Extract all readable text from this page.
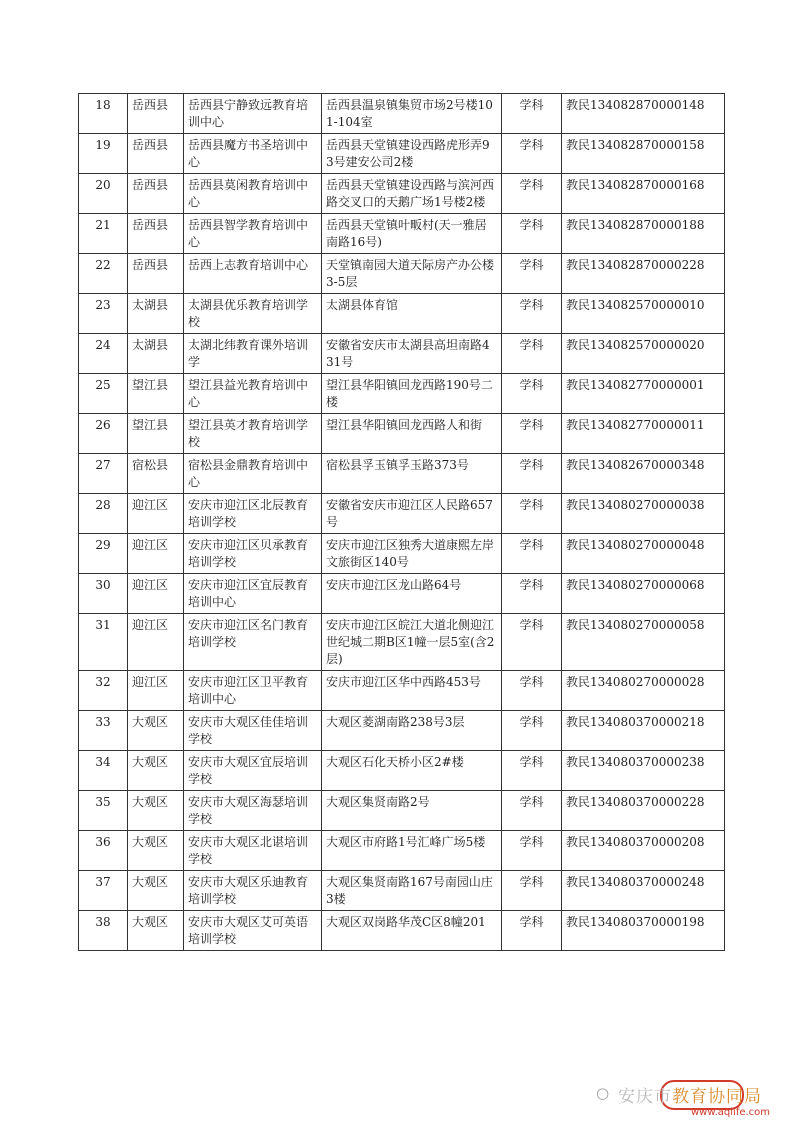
18	岳西县	岳西县宁静致远教育培训中心	岳西县温泉镇集贸市场2号楼101-104室	学科	教民134082870000148
19	岳西县	岳西县魔方书圣培训中心	岳西县天堂镇建设西路虎形弄93号建安公司2楼	学科	教民134082870000158
20	岳西县	岳西县莫闲教育培训中心	岳西县天堂镇建设西路与滨河西路交叉口的天鹅广场1号楼2楼	学科	教民134082870000168
21	岳西县	岳西县智学教育培训中心	岳西县天堂镇叶畈村(天一雅居南路16号)	学科	教民134082870000188
22	岳西县	岳西上志教育培训中心	天堂镇南园大道天际房产办公楼3-5层	学科	教民134082870000228
23	太湖县	太湖县优乐教育培训学校	太湖县体育馆	学科	教民134082570000010
24	太湖县	太湖北纬教育课外培训学	安徽省安庆市太湖县高坦南路431号	学科	教民134082570000020
25	望江县	望江县益光教育培训中心	望江县华阳镇回龙西路190号二楼	学科	教民134082770000001
26	望江县	望江县英才教育培训学校	望江县华阳镇回龙西路人和街	学科	教民134082770000011
27	宿松县	宿松县金鼎教育培训中心	宿松县孚玉镇孚玉路373号	学科	教民134082670000348
28	迎江区	安庆市迎江区北辰教育培训学校	安徽省安庆市迎江区人民路657号	学科	教民134080270000038
29	迎江区	安庆市迎江区贝承教育培训学校	安庆市迎江区独秀大道康熙左岸文旅街区140号	学科	教民134080270000048
30	迎江区	安庆市迎江区宜辰教育培训中心	安庆市迎江区龙山路64号	学科	教民134080270000068
31	迎江区	安庆市迎江区名门教育培训学校	安庆市迎江区皖江大道北侧迎江世纪城二期B区1幢一层5室(含2层)	学科	教民134080270000058
32	迎江区	安庆市迎江区卫平教育培训中心	安庆市迎江区华中西路453号	学科	教民134080270000028
33	大观区	安庆市大观区佳佳培训学校	大观区菱湖南路238号3层	学科	教民134080370000218
34	大观区	安庆市大观区宜辰培训学校	大观区石化天桥小区2#楼	学科	教民134080370000238
35	大观区	安庆市大观区海瑟培训学校	大观区集贤南路2号	学科	教民134080370000228
36	大观区	安庆市大观区北谌培训学校	大观区市府路1号汇峰广场5楼	学科	教民134080370000208
37	大观区	安庆市大观区乐迪教育培训学校	大观区集贤南路167号南园山庄3楼	学科	教民134080370000248
38	大观区	安庆市大观区艾可英语培训学校	大观区双岗路华茂C区8幢201	学科	教民134080370000198
○ 安庆市教育协同局
www.aqlife.com
